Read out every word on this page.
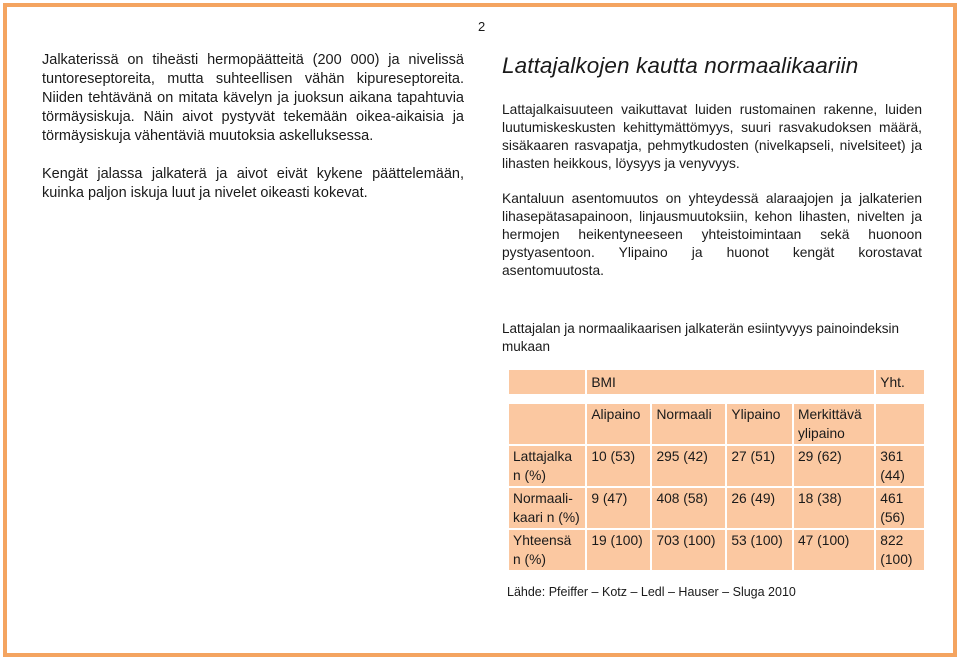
2

Jalkaterissä on tiheästi hermopäätteitä (200 000) ja nivelissä tuntoreseptoreita, mutta suhteellisen vähän kipureseptoreita. Niiden tehtävänä on mitata kävelyn ja juoksun aikana tapahtuvia törmäysiskuja. Näin aivot pystyvät tekemään oikea-aikaisia ja törmäysiskuja vähentäviä muutoksia askelluksessa.

Kengät jalassa jalkaterä ja aivot eivät kykene päättelemään, kuinka paljon iskuja luut ja nivelet oikeasti kokevat.

Lattajalkojen kautta normaalikaariin

Lattajalkaisuuteen vaikuttavat luiden rustomainen rakenne, luiden luutumiskeskusten kehittymättömyys, suuri rasvakudoksen määrä, sisäkaaren rasvapatja, pehmytkudosten (nivelkapseli, nivelsiteet) ja lihasten heikkous, löysyys ja venyvyys.

Kantaluun asentomuutos on yhteydessä alaraajojen ja jalkaterien lihasepätasapainoon, linjausmuutoksiin, kehon lihasten, nivelten ja hermojen heikentyneeseen yhteistoimintaan sekä huonoon pystyasentoon. Ylipaino ja huonot kengät korostavat asentomuutosta.

Lattajalan ja normaalikaarisen jalkaterän esiintyvyys painoindeksin mukaan
	BMI				Yht.

	Alipaino	Normaali	Ylipaino	Merkittävä ylipaino	
Lattajalka n (%)	10 (53)	295 (42)	27 (51)	29 (62)	361 (44)
Normaali-kaari n (%)	9 (47)	408 (58)	26 (49)	18 (38)	461 (56)
Yhteensä n (%)	19 (100)	703 (100)	53 (100)	47 (100)	822 (100)
Lähde: Pfeiffer – Kotz – Ledl – Hauser – Sluga 2010
